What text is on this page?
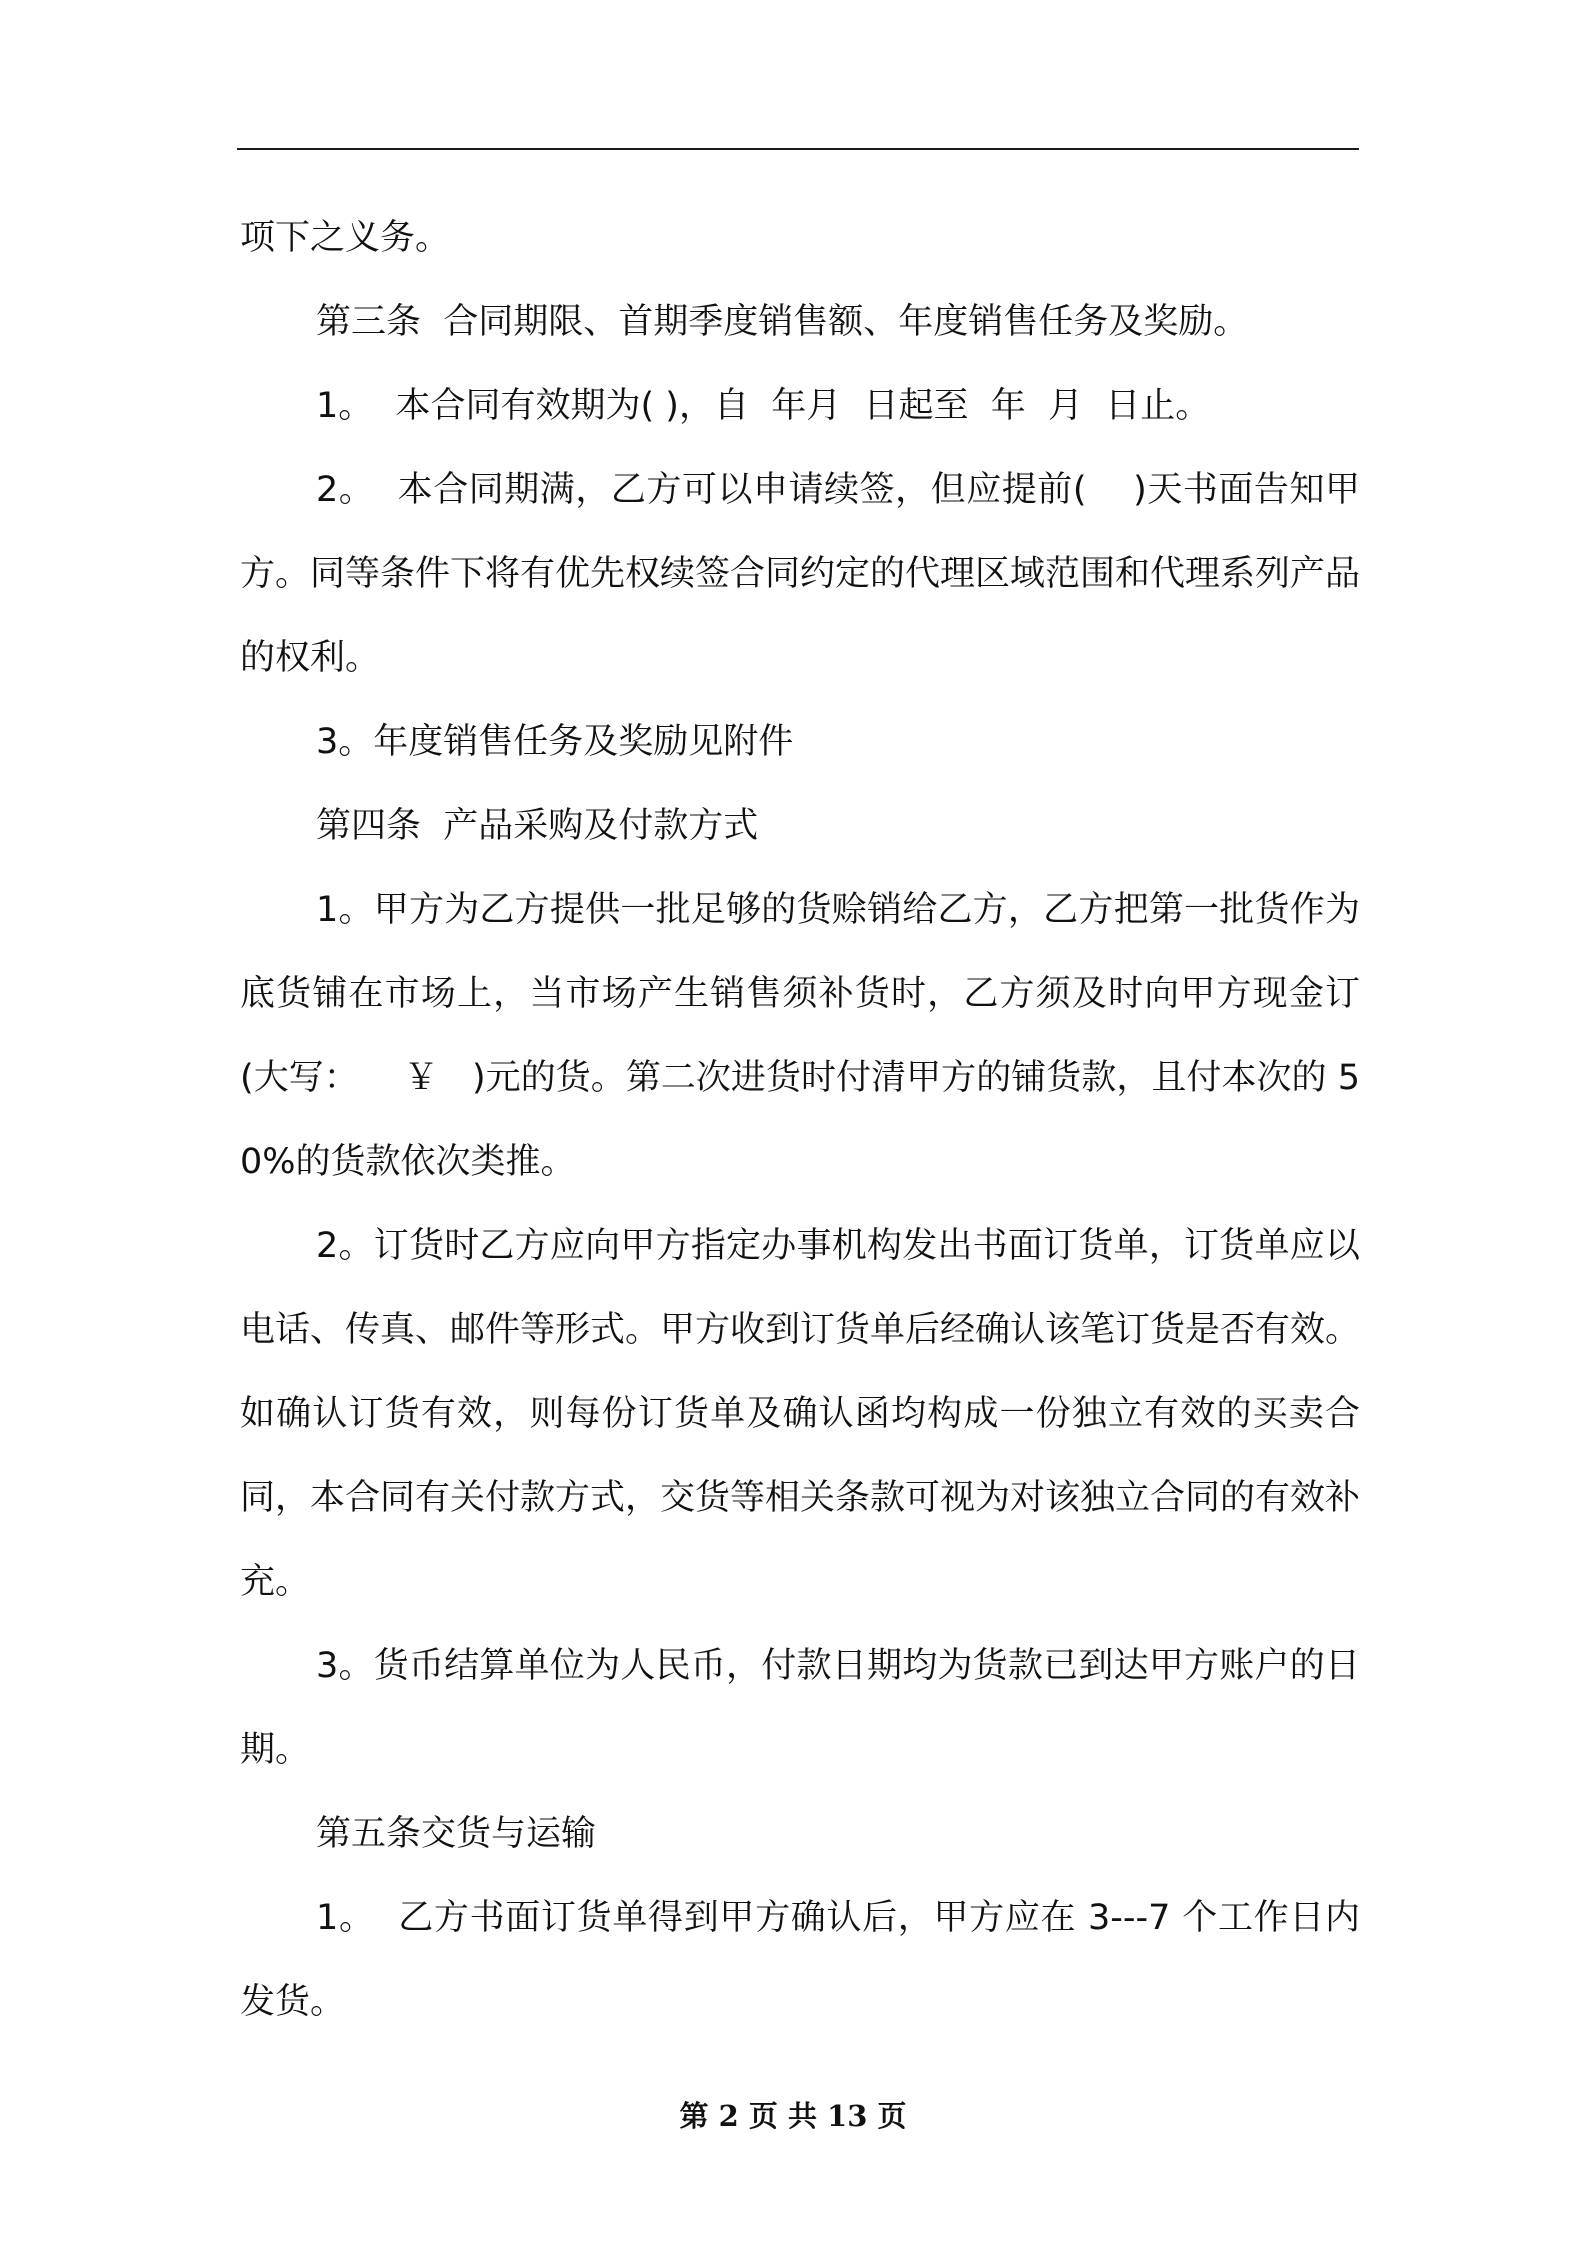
项下之义务。

第三条  合同期限、首期季度销售额、年度销售任务及奖励。

1。  本合同有效期为( )，自  年月  日起至  年  月  日止。

2。  本合同期满，乙方可以申请续签，但应提前(    )天书面告知甲方。同等条件下将有优先权续签合同约定的代理区域范围和代理系列产品的权利。

3。年度销售任务及奖励见附件

第四条  产品采购及付款方式

1。甲方为乙方提供一批足够的货赊销给乙方，乙方把第一批货作为底货铺在市场上，当市场产生销售须补货时，乙方须及时向甲方现金订(大写：    ￥   )元的货。第二次进货时付清甲方的铺货款，且付本次的 50%的货款依次类推。

2。订货时乙方应向甲方指定办事机构发出书面订货单，订货单应以电话、传真、邮件等形式。甲方收到订货单后经确认该笔订货是否有效。如确认订货有效，则每份订货单及确认函均构成一份独立有效的买卖合同，本合同有关付款方式，交货等相关条款可视为对该独立合同的有效补充。

3。货币结算单位为人民币，付款日期均为货款已到达甲方账户的日期。

第五条交货与运输

1。  乙方书面订货单得到甲方确认后，甲方应在 3---7 个工作日内发货。

第 2 页 共 13 页
